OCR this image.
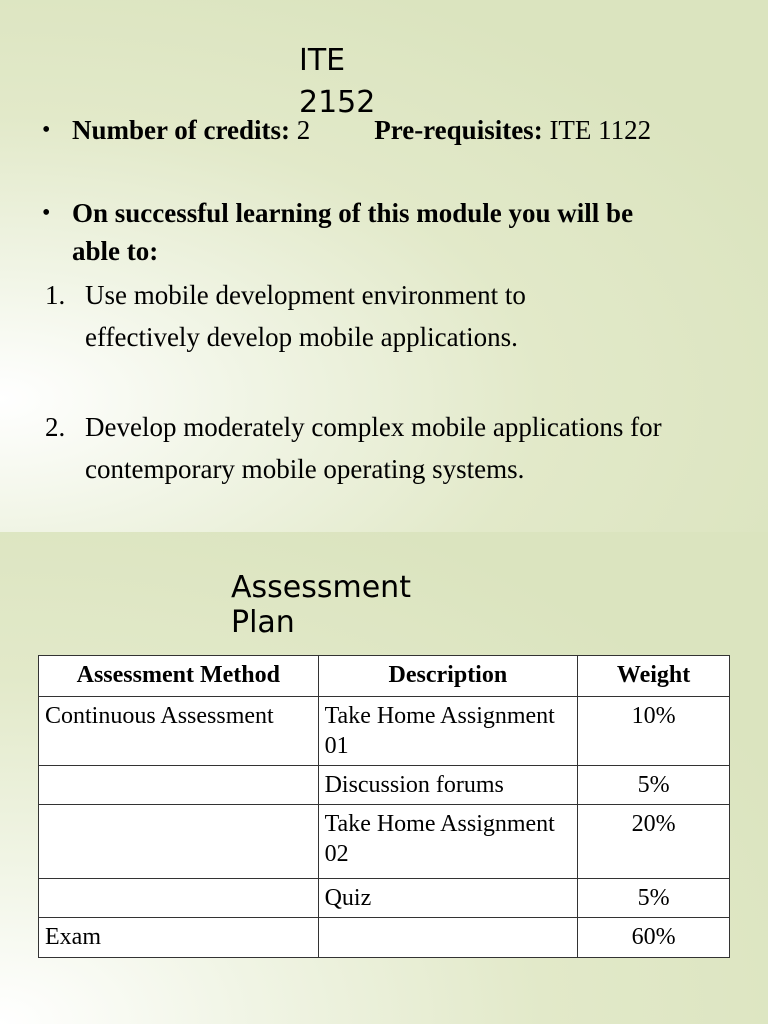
ITE
2152
• Number of credits: 2 Pre-requisites: ITE 1122
• On successful learning of this module you will be able to:
1. Use mobile development environment to effectively develop mobile applications.
2. Develop moderately complex mobile applications for contemporary mobile operating systems.
Assessment
Plan
Assessment Method	Description	Weight
Continuous Assessment	Take Home Assignment 01	10%
	Discussion forums	5%
	Take Home Assignment 02	20%
	Quiz	5%
Exam		60%
